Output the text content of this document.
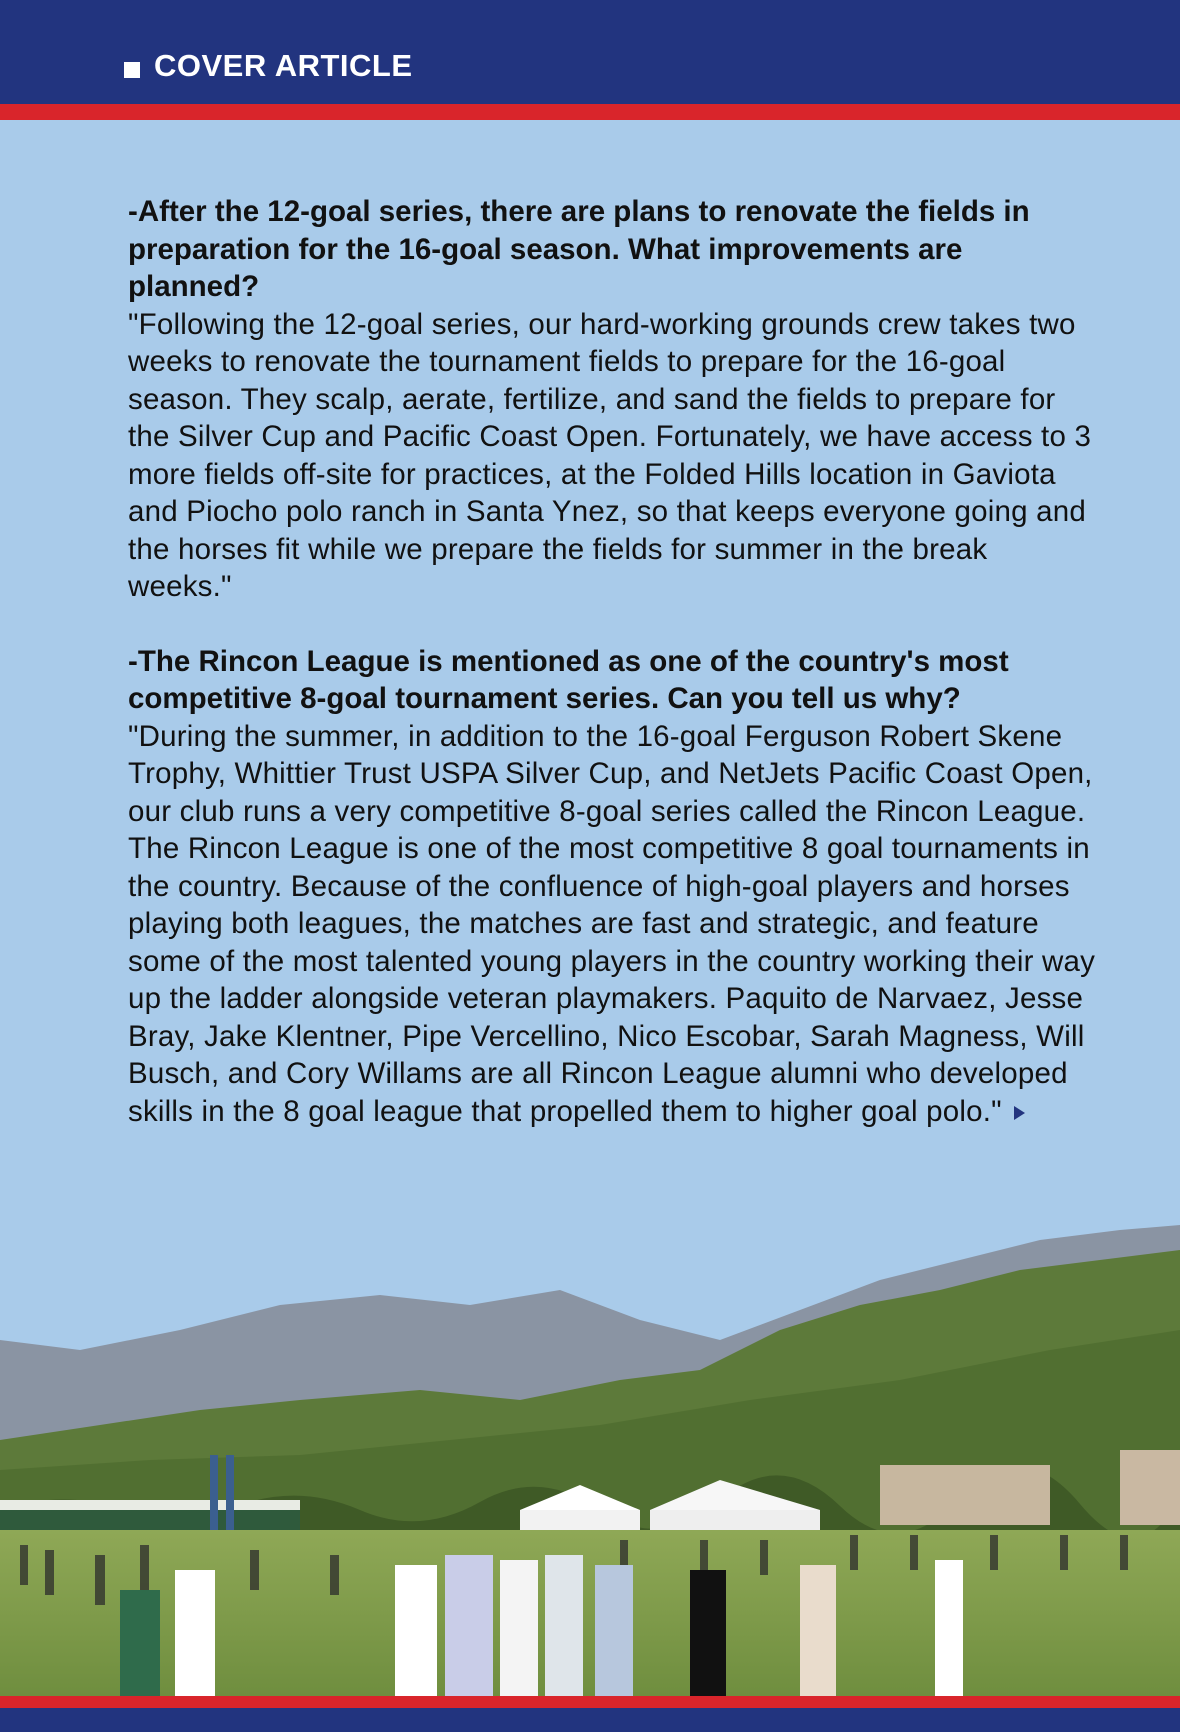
COVER ARTICLE

-After the 12-goal series, there are plans to renovate the fields in preparation for the 16-goal season. What improvements are planned?

"Following the 12-goal series, our hard-working grounds crew takes two weeks to renovate the tournament fields to prepare for the 16-goal season. They scalp, aerate, fertilize, and sand the fields to prepare for the Silver Cup and Pacific Coast Open. Fortunately, we have access to 3 more fields off-site for practices, at the Folded Hills location in Gaviota and Piocho polo ranch in Santa Ynez, so that keeps everyone going and the horses fit while we prepare the fields for summer in the break weeks."

-The Rincon League is mentioned as one of the country's most competitive 8-goal tournament series. Can you tell us why?

"During the summer, in addition to the 16-goal Ferguson Robert Skene Trophy, Whittier Trust USPA Silver Cup, and NetJets Pacific Coast Open, our club runs a very competitive 8-goal series called the Rincon League. The Rincon League is one of the most competitive 8 goal tournaments in the country. Because of the confluence of high-goal players and horses playing both leagues, the matches are fast and strategic, and feature some of the most talented young players in the country working their way up the ladder alongside veteran playmakers. Paquito de Narvaez, Jesse Bray, Jake Klentner, Pipe Vercellino, Nico Escobar, Sarah Magness, Will Busch, and Cory Willams are all Rincon League alumni who developed skills in the 8 goal league that propelled them to higher goal polo."
